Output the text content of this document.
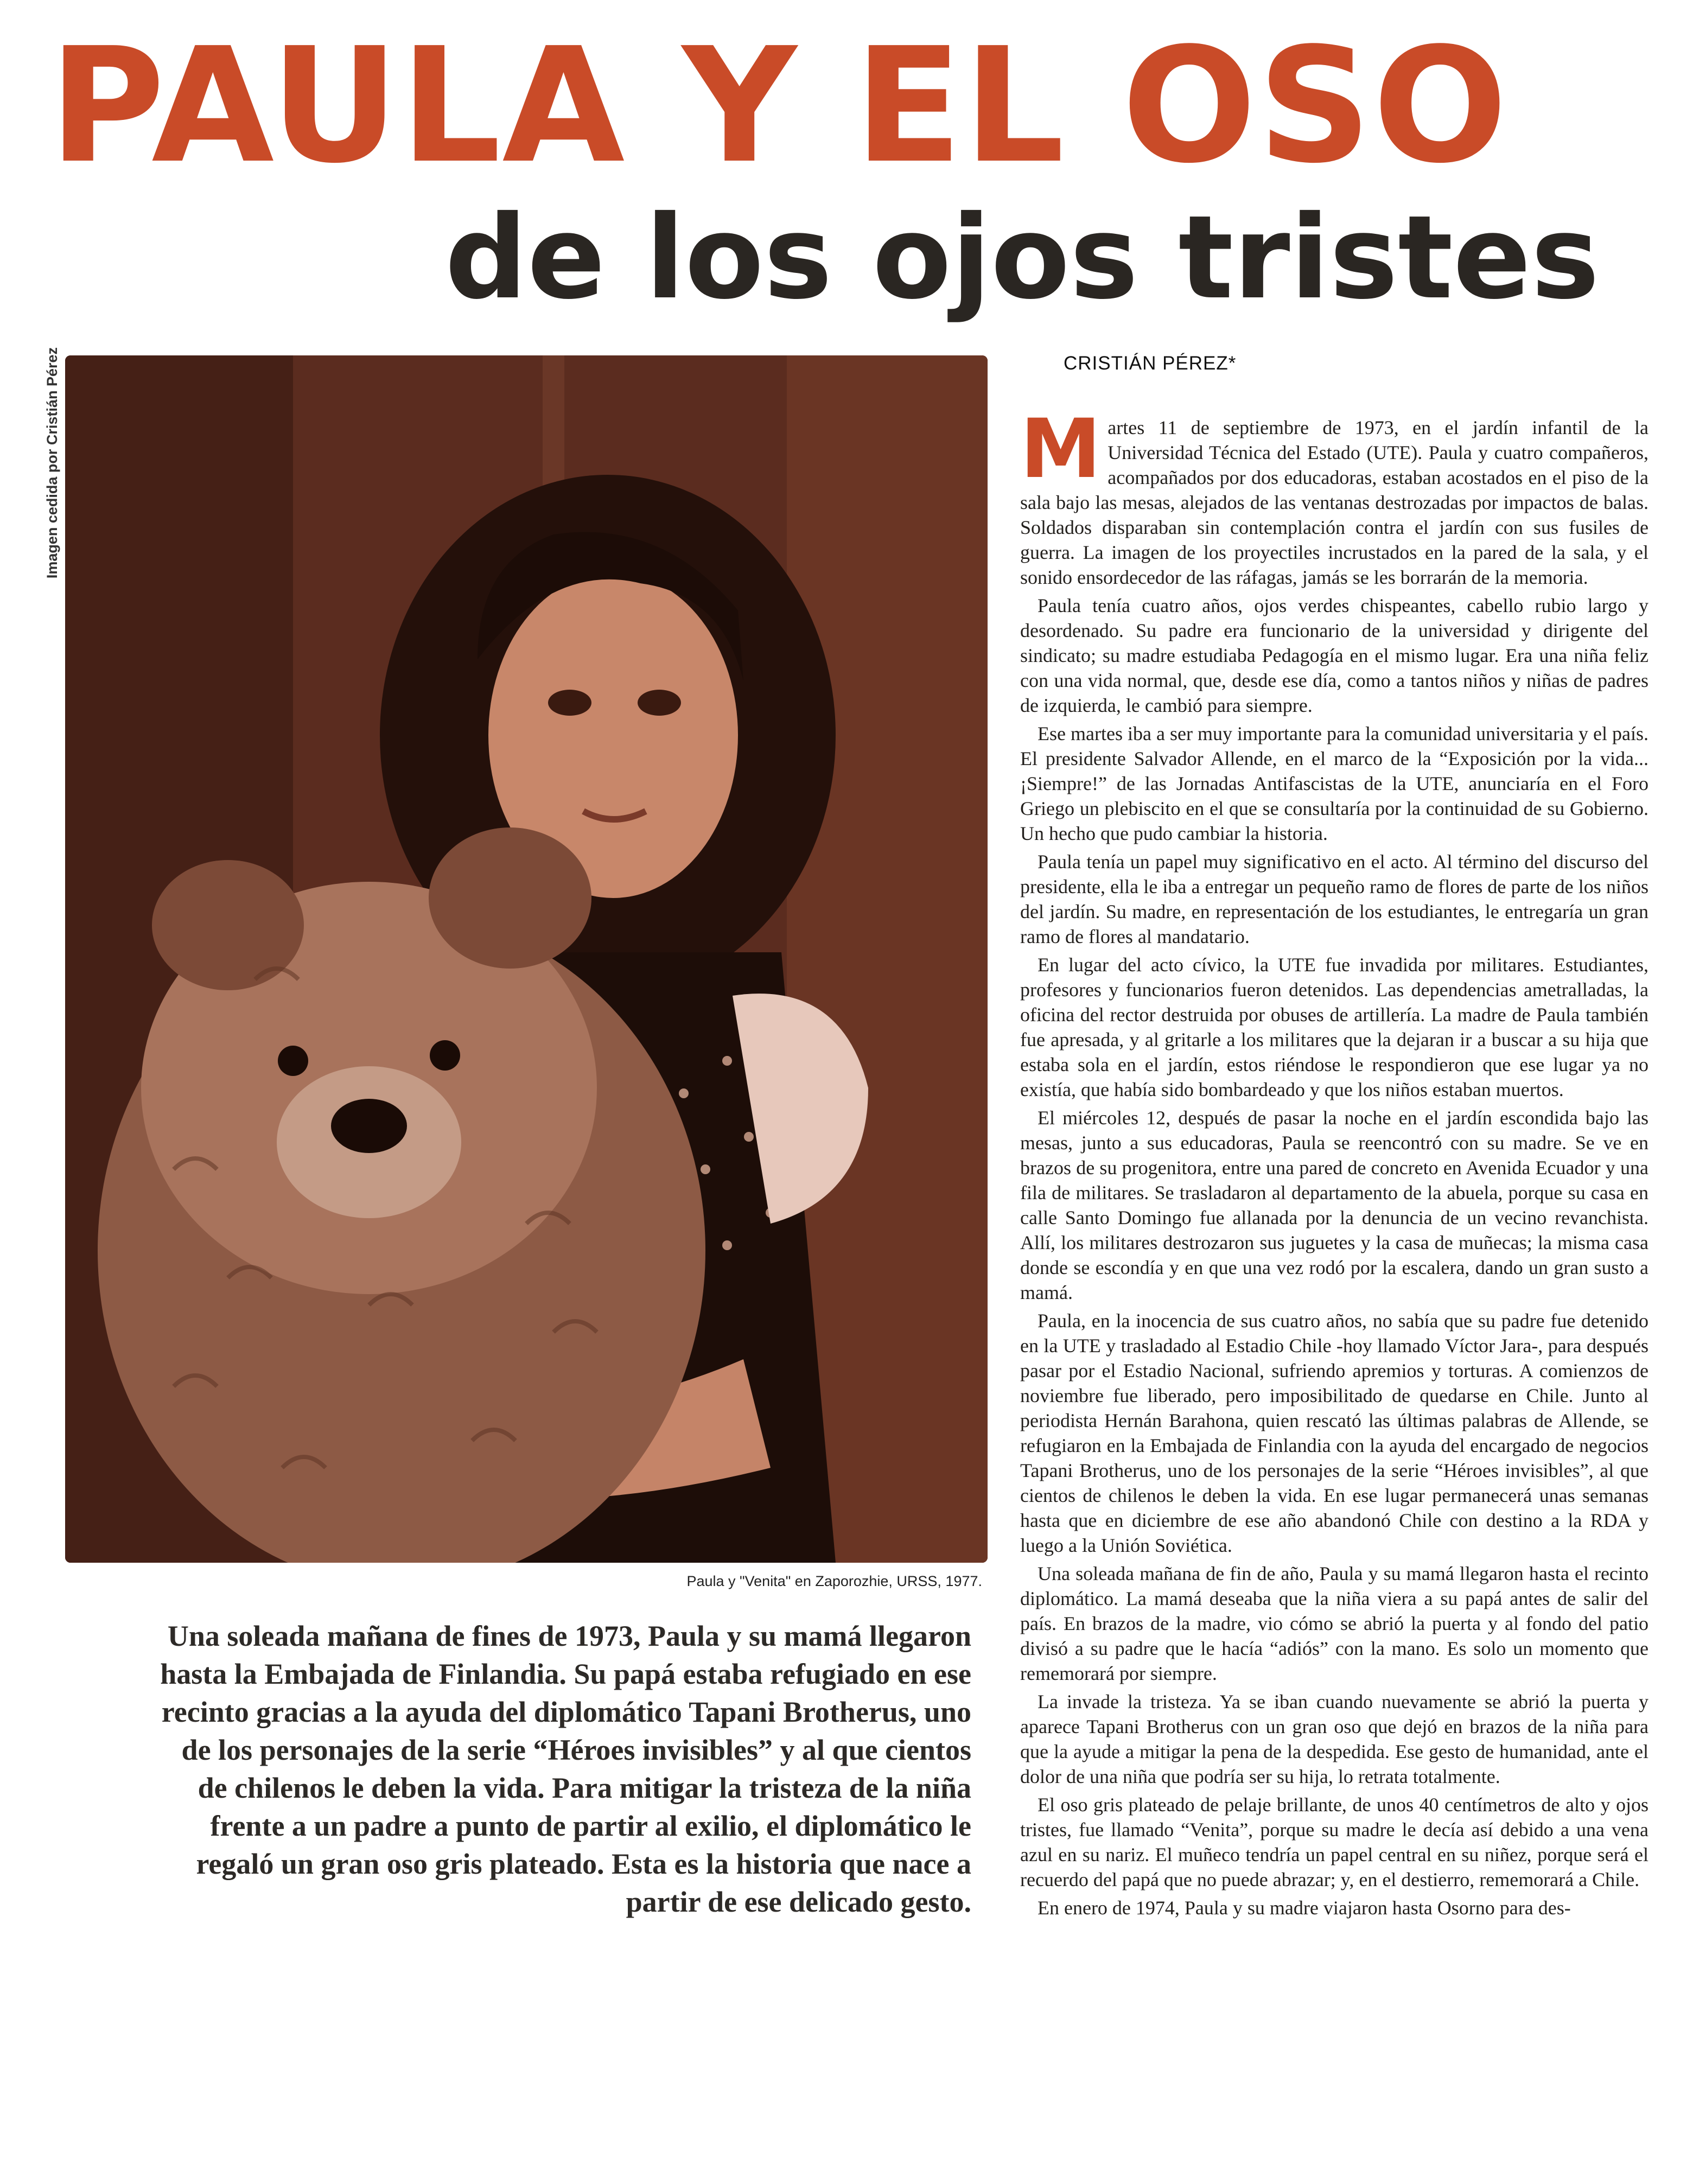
PAULA Y EL OSO
de los ojos tristes
Imagen cedida por Cristián Pérez

Paula y "Venita" en Zaporozhie, URSS, 1977.

Una soleada mañana de fines de 1973, Paula y su mamá llegaron hasta la Embajada de Finlandia. Su papá estaba refugiado en ese recinto gracias a la ayuda del diplomático Tapani Brotherus, uno de los personajes de la serie “Héroes invisibles” y al que cientos de chilenos le deben la vida. Para mitigar la tristeza de la niña frente a un padre a punto de partir al exilio, el diplomático le regaló un gran oso gris plateado. Esta es la historia que nace a partir de ese delicado gesto.

CRISTIÁN PÉREZ*

Martes 11 de septiembre de 1973, en el jardín infantil de la Universidad Técnica del Estado (UTE). Paula y cuatro compañeros, acompañados por dos educadoras, estaban acostados en el piso de la sala bajo las mesas, alejados de las ventanas destrozadas por impactos de balas. Soldados disparaban sin contemplación contra el jardín con sus fusiles de guerra. La imagen de los proyectiles incrustados en la pared de la sala, y el sonido ensordecedor de las ráfagas, jamás se les borrarán de la memoria.

Paula tenía cuatro años, ojos verdes chispeantes, cabello rubio largo y desordenado. Su padre era funcionario de la universidad y dirigente del sindicato; su madre estudiaba Pedagogía en el mismo lugar. Era una niña feliz con una vida normal, que, desde ese día, como a tantos niños y niñas de padres de izquierda, le cambió para siempre.

Ese martes iba a ser muy importante para la comunidad universitaria y el país. El presidente Salvador Allende, en el marco de la “Exposición por la vida... ¡Siempre!” de las Jornadas Antifascistas de la UTE, anunciaría en el Foro Griego un plebiscito en el que se consultaría por la continuidad de su Gobierno. Un hecho que pudo cambiar la historia.

Paula tenía un papel muy significativo en el acto. Al término del discurso del presidente, ella le iba a entregar un pequeño ramo de flores de parte de los niños del jardín. Su madre, en representación de los estudiantes, le entregaría un gran ramo de flores al mandatario.

En lugar del acto cívico, la UTE fue invadida por militares. Estudiantes, profesores y funcionarios fueron detenidos. Las dependencias ametralladas, la oficina del rector destruida por obuses de artillería. La madre de Paula también fue apresada, y al gritarle a los militares que la dejaran ir a buscar a su hija que estaba sola en el jardín, estos riéndose le respondieron que ese lugar ya no existía, que había sido bombardeado y que los niños estaban muertos.

El miércoles 12, después de pasar la noche en el jardín escondida bajo las mesas, junto a sus educadoras, Paula se reencontró con su madre. Se ve en brazos de su progenitora, entre una pared de concreto en Avenida Ecuador y una fila de militares. Se trasladaron al departamento de la abuela, porque su casa en calle Santo Domingo fue allanada por la denuncia de un vecino revanchista. Allí, los militares destrozaron sus juguetes y la casa de muñecas; la misma casa donde se escondía y en que una vez rodó por la escalera, dando un gran susto a mamá.

Paula, en la inocencia de sus cuatro años, no sabía que su padre fue detenido en la UTE y trasladado al Estadio Chile -hoy llamado Víctor Jara-, para después pasar por el Estadio Nacional, sufriendo apremios y torturas. A comienzos de noviembre fue liberado, pero imposibilitado de quedarse en Chile. Junto al periodista Hernán Barahona, quien rescató las últimas palabras de Allende, se refugiaron en la Embajada de Finlandia con la ayuda del encargado de negocios Tapani Brotherus, uno de los personajes de la serie “Héroes invisibles”, al que cientos de chilenos le deben la vida. En ese lugar permanecerá unas semanas hasta que en diciembre de ese año abandonó Chile con destino a la RDA y luego a la Unión Soviética.

Una soleada mañana de fin de año, Paula y su mamá llegaron hasta el recinto diplomático. La mamá deseaba que la niña viera a su papá antes de salir del país. En brazos de la madre, vio cómo se abrió la puerta y al fondo del patio divisó a su padre que le hacía “adiós” con la mano. Es solo un momento que rememorará por siempre.

La invade la tristeza. Ya se iban cuando nuevamente se abrió la puerta y aparece Tapani Brotherus con un gran oso que dejó en brazos de la niña para que la ayude a mitigar la pena de la despedida. Ese gesto de humanidad, ante el dolor de una niña que podría ser su hija, lo retrata totalmente.

El oso gris plateado de pelaje brillante, de unos 40 centímetros de alto y ojos tristes, fue llamado “Venita”, porque su madre le decía así debido a una vena azul en su nariz. El muñeco tendría un papel central en su niñez, porque será el recuerdo del papá que no puede abrazar; y, en el destierro, rememorará a Chile.

En enero de 1974, Paula y su madre viajaron hasta Osorno para des-
